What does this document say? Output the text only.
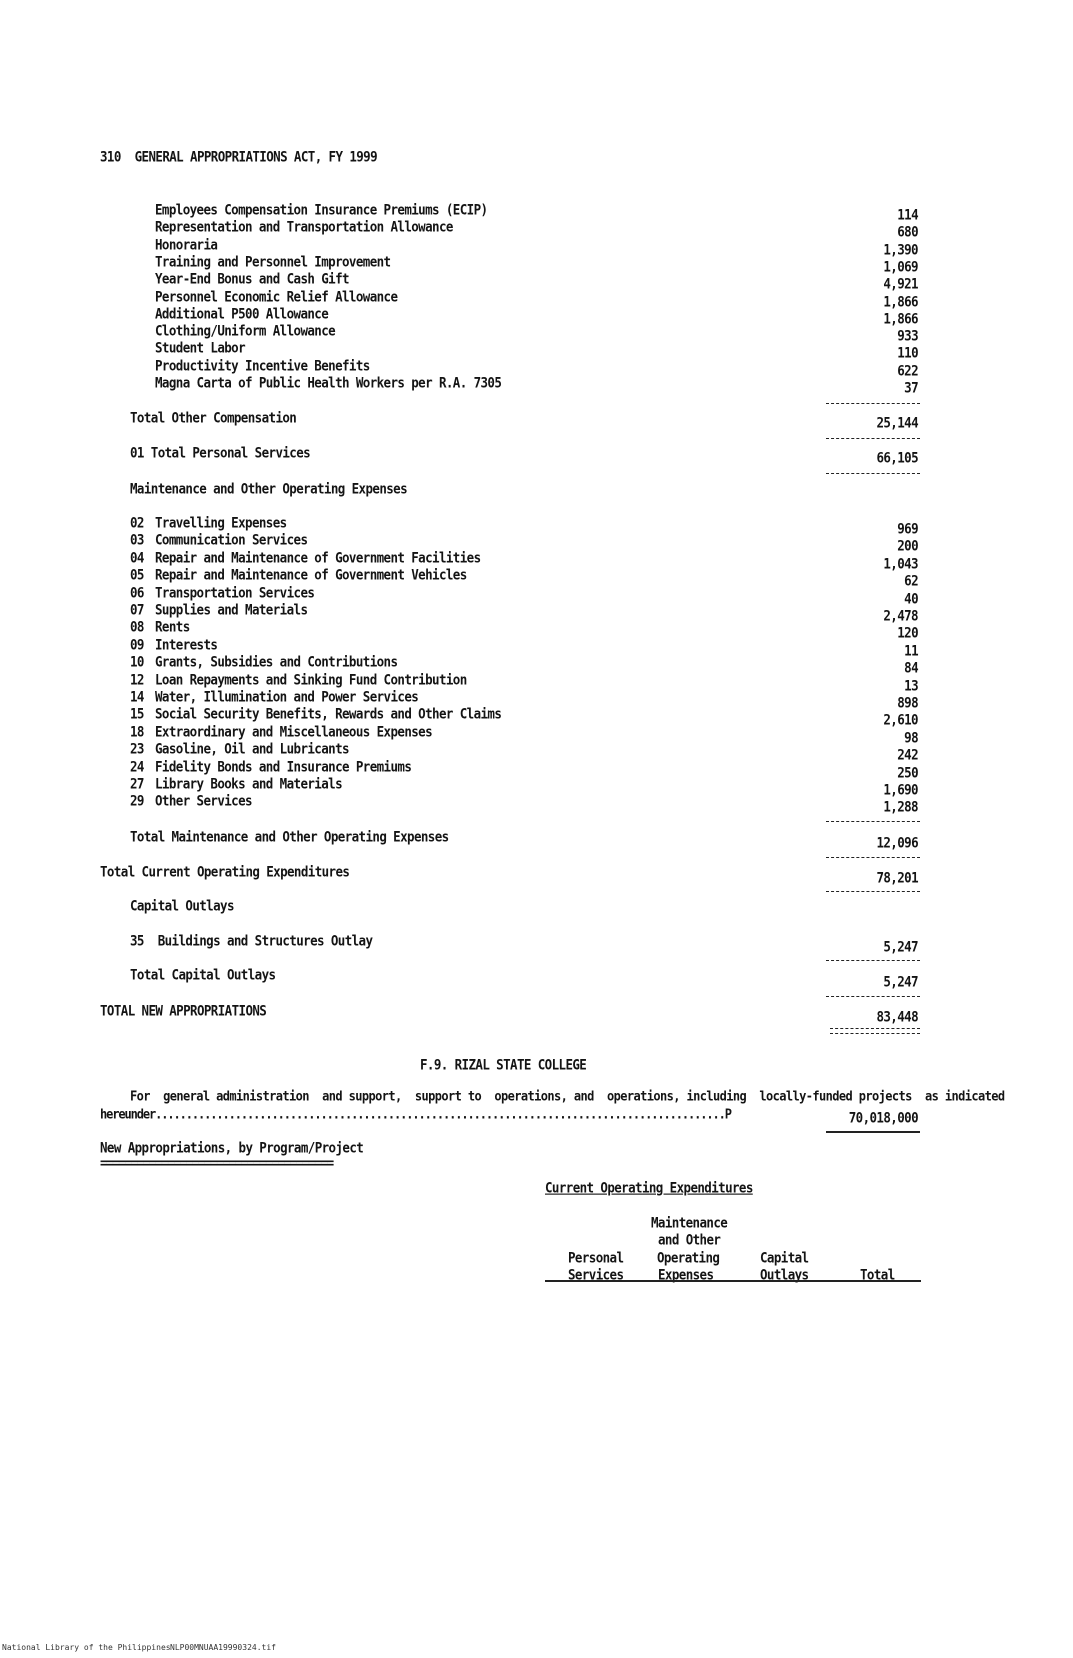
310  GENERAL APPROPRIATIONS ACT, FY 1999
Employees Compensation Insurance Premiums (ECIP)	114
Representation and Transportation Allowance	680
Honoraria	1,390
Training and Personnel Improvement	1,069
Year-End Bonus and Cash Gift	4,921
Personnel Economic Relief Allowance	1,866
Additional P500 Allowance	1,866
Clothing/Uniform Allowance	933
Student Labor	110
Productivity Incentive Benefits	622
Magna Carta of Public Health Workers per R.A. 7305	37
Total Other Compensation	25,144
01 Total Personal Services	66,105
Maintenance and Other Operating Expenses
02 Travelling Expenses	969
03 Communication Services	200
04 Repair and Maintenance of Government Facilities	1,043
05 Repair and Maintenance of Government Vehicles	62
06 Transportation Services	40
07 Supplies and Materials	2,478
08 Rents	120
09 Interests	11
10 Grants, Subsidies and Contributions	84
12 Loan Repayments and Sinking Fund Contribution	13
14 Water, Illumination and Power Services	898
15 Social Security Benefits, Rewards and Other Claims	2,610
18 Extraordinary and Miscellaneous Expenses	98
23 Gasoline, Oil and Lubricants	242
24 Fidelity Bonds and Insurance Premiums	250
27 Library Books and Materials	1,690
29 Other Services	1,288
Total Maintenance and Other Operating Expenses	12,096
Total Current Operating Expenditures	78,201
Capital Outlays
35  Buildings and Structures Outlay	5,247
Total Capital Outlays	5,247
TOTAL NEW APPROPRIATIONS	83,448
F.9. RIZAL STATE COLLEGE
For  general administration  and support,  support to  operations, and  operations, including  locally-funded projects  as indicated
hereunder.............................................................................................P	70,018,000
New Appropriations, by Program/Project
======================================
Current Operating Expenditures
Maintenance
and Other
Personal	Operating	Capital
Services	Expenses	Outlays	Total
National Library of the Philippines NLP00MNUAA19990324.tif
